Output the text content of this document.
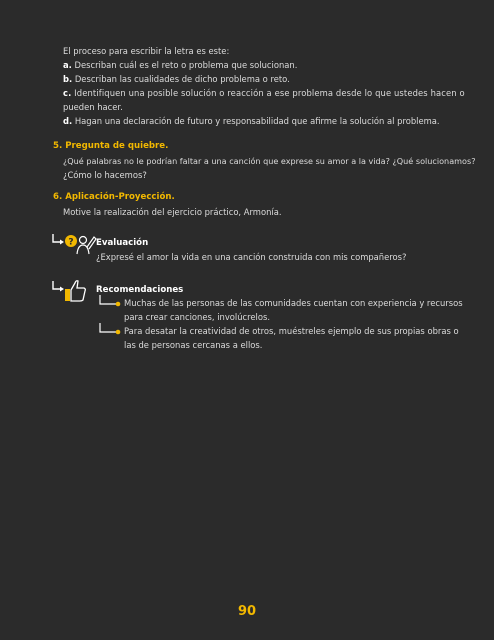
El proceso para escribir la letra es este:
a. Describan cuál es el reto o problema que solucionan.
b. Describan las cualidades de dicho problema o reto.
c. Identifiquen una posible solución o reacción a ese problema desde lo que ustedes hacen o
pueden hacer.
d. Hagan una declaración de futuro y responsabilidad que afirme la solución al problema.
5. Pregunta de quiebre.
¿Qué palabras no le podrían faltar a una canción que exprese su amor a la vida? ¿Qué solucionamos?
¿Cómo lo hacemos?
6. Aplicación-Proyección.
Motive la realización del ejercicio práctico, Armonía.
?	Evaluación
¿Expresé el amor la vida en una canción construida con mis compañeros?
Recomendaciones
Muchas de las personas de las comunidades cuentan con experiencia y recursos
para crear canciones, involúcrelos.
Para desatar la creatividad de otros, muéstreles ejemplo de sus propias obras o
las de personas cercanas a ellos.
90
